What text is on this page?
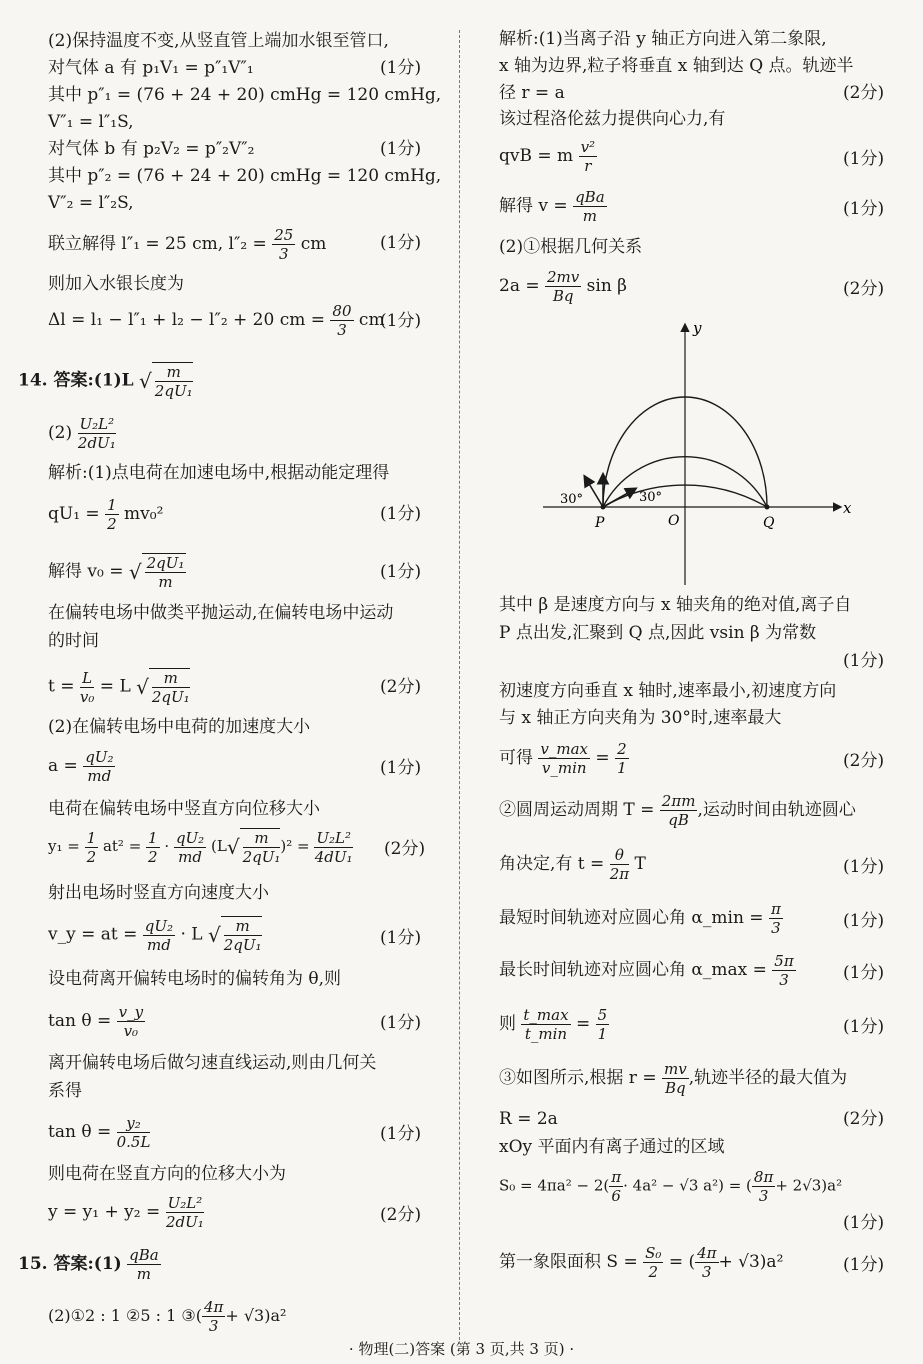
(2)保持温度不变,从竖直管上端加水银至管口,
对气体 a 有 p₁V₁ = p″₁V″₁	(1分)
其中 p″₁ = (76 + 24 + 20) cmHg = 120 cmHg,
V″₁ = l″₁S,
对气体 b 有 p₂V₂ = p″₂V″₂	(1分)
其中 p″₂ = (76 + 24 + 20) cmHg = 120 cmHg,
V″₂ = l″₂S,
联立解得 l″₁ = 25 cm, $l''_2 = \frac{25}{3}$ cm	(1分)
则加入水银长度为
Δl = l₁ − l″₁ + l₂ − l″₂ + 20 cm = $\frac{80}{3}$ cm
(1分)
14. 答案:(1)L √ $\frac{m}{\text{2qU₁}}$
$(2) \frac{\text{U₂L²}}{\text{2dU₁}}$
解析:(1)点电荷在加速电场中,根据动能定理得
$qU_1 = \frac{1}{2} mv_0^2$	(1分)
解得 v₀ = √ $\frac{\text{2qU₁}}{m}$	(1分)
在偏转电场中做类平抛运动,在偏转电场中运动
的时间
$t = \frac{L}{\text{v₀}} = L$ √ $\frac{m}{\text{2qU₁}}$	(2分)
(2)在偏转电场中电荷的加速度大小
$a = \frac{\text{qU₂}}{md}$	(1分)
电荷在偏转电场中竖直方向位移大小
$y_1 = \frac{1}{2} at^2 = \frac{1}{2} \cdot \frac{\text{qU₂}}{md} (L√ \frac{m}{\text{2qU₁}} )^2 = \frac{\text{U₂L²}}{\text{4dU₁}} (2$分)
射出电场时竖直方向速度大小
v_y = at = $\frac{\text{qU₂}}{md} \cdot L$ √ $\frac{m}{\text{2qU₁}}$	(1分)
设电荷离开偏转电场时的偏转角为 θ,则
$\tan \theta = \frac{v\_y}{\text{v₀}}$	(1分)
离开偏转电场后做匀速直线运动,则由几何关
系得
$\tan \theta = \frac{\text{y₂}}{0.5L}$	(1分)
则电荷在竖直方向的位移大小为
$y = y_1 + y_2 = \frac{\text{U₂L²}}{\text{2dU₁}}$	(2分)
15. 答案:(1) $\frac{\text{qBa}}{m}$
(2)①2 : 1 ②5 : 1 ③( $\frac{4\pi}{3} + √3)a^2$
解析:(1)当离子沿 y 轴正方向进入第二象限,
x 轴为边界,粒子将垂直 x 轴到达 Q 点。轨迹半
径 r = a	(2分)
该过程洛伦兹力提供向心力,有
qvB = m $\frac{\text{v²}}{r}$	(1分)
解得 $v = \frac{\text{qBa}}{m}$	(1分)
(2)①根据几何关系
$2a = \frac{2mv}{Bq}$ sin β	(2分)
y
x
P	O	Q
30°	30°
其中 β 是速度方向与 x 轴夹角的绝对值,离子自
P 点出发,汇聚到 Q 点,因此 vsin β 为常数
(1分)
初速度方向垂直 x 轴时,速率最小,初速度方向
与 x 轴正方向夹角为 30°时,速率最大
可得 $\frac{v\_\max}{v\_\min} = \frac{2}{1}$	(2分)
②圆周运动周期 $T = \frac{2\pi m}{qB}$ ,运动时间由轨迹圆心
角决定,有 $t = \frac{\theta}{2\pi}$ T	(1分)
最短时间轨迹对应圆心角 α_min = $\frac{\pi}{3}$	(1分)
最长时间轨迹对应圆心角 α_max = $\frac{5\pi}{3}$	(1分)
则 $\frac{t\_\max}{t\_\min} = \frac{5}{1}$	(1分)
③如图所示,根据 $r = \frac{mv}{Bq}$ ,轨迹半径的最大值为
R = 2a	(2分)
xOy 平面内有离子通过的区域
$S_0 = 4\pi a^2 - 2( \frac{\pi}{6} \cdot 4a^2 - √3$ a²) = ( $\frac{8\pi}{3} + 2√3)a^2$
(1分)
第一象限面积 $S = \frac{\text{S₀}}{2}$ = ( $\frac{4\pi}{3} + √3)a^2$	(1分)
· 物理(二)答案 (第 3 页,共 3 页) ·
